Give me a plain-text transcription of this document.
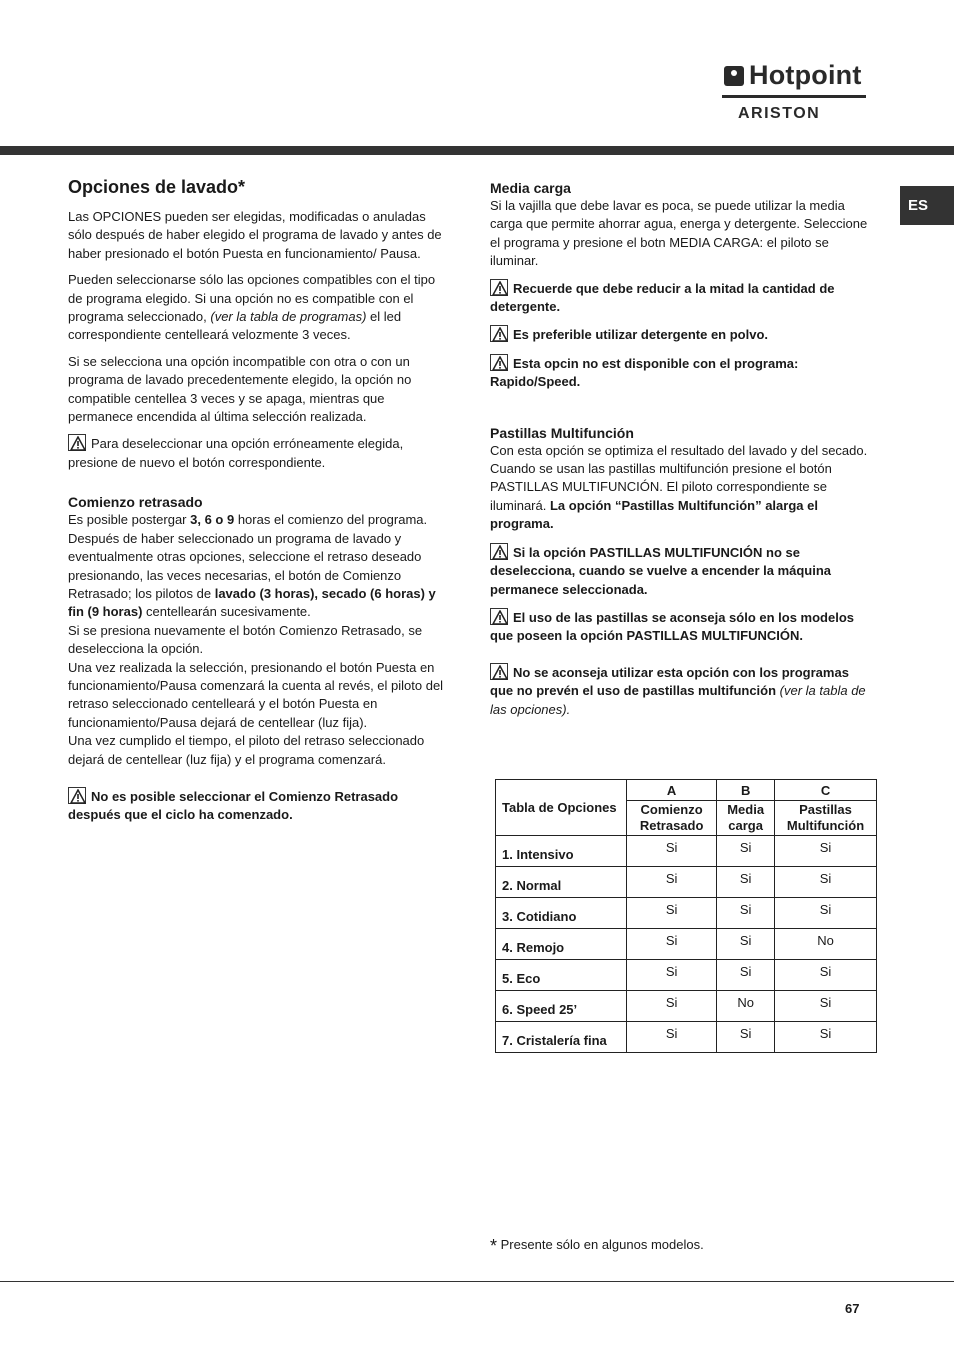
Hotpoint
ARISTON
ES
Opciones de lavado*

Las OPCIONES pueden ser elegidas, modificadas o anuladas sólo después de haber elegido el programa de lavado y antes de haber presionado el botón Puesta en funcionamiento/ Pausa.

Pueden seleccionarse sólo las opciones compatibles con el tipo de programa elegido. Si una opción no es compatible con el programa seleccionado, (ver la tabla de programas) el led correspondiente centelleará velozmente 3 veces.

Si se selecciona una opción incompatible con otra o con un programa de lavado precedentemente elegido, la opción no compatible centellea 3 veces y se apaga, mientras que permanece encendida al última selección realizada.

Para deseleccionar una opción erróneamente elegida, presione de nuevo el botón correspondiente.

Comienzo retrasado

Es posible postergar 3, 6 o 9 horas el comienzo del programa.

Después de haber seleccionado un programa de lavado y eventualmente otras opciones, seleccione el retraso deseado presionando, las veces necesarias, el botón de Comienzo Retrasado; los pilotos de lavado (3 horas), secado (6 horas) y fin (9 horas) centellearán sucesivamente.

Si se presiona nuevamente el botón Comienzo Retrasado, se deselecciona la opción.

Una vez realizada la selección, presionando el botón Puesta en funcionamiento/Pausa comenzará la cuenta al revés, el piloto del retraso seleccionado centelleará y el botón Puesta en funcionamiento/Pausa dejará de centellear (luz fija).

Una vez cumplido el tiempo, el piloto del retraso seleccionado dejará de centellear (luz fija) y el programa comenzará.

No es posible seleccionar el Comienzo Retrasado después que el ciclo ha comenzado.

Media carga

Si la vajilla que debe lavar es poca, se puede utilizar la media carga que permite ahorrar agua, energa y detergente. Seleccione el programa y presione el botn MEDIA CARGA: el piloto se iluminar.

Recuerde que debe reducir a la mitad la cantidad de detergente.

Es preferible utilizar detergente en polvo.

Esta opcin no est disponible con el programa: Rapido/Speed.

Pastillas Multifunción

Con esta opción se optimiza el resultado del lavado y del secado.

Cuando se usan las pastillas multifunción presione el botón PASTILLAS MULTIFUNCIÓN. El piloto correspondiente se iluminará. La opción “Pastillas Multifunción” alarga el programa.

Si la opción PASTILLAS MULTIFUNCIÓN no se deselecciona, cuando se vuelve a encender la máquina permanece seleccionada.

El uso de las pastillas se aconseja sólo en los modelos que poseen la opción PASTILLAS MULTIFUNCIÓN.

No se aconseja utilizar esta opción con los programas que no prevén el uso de pastillas multifunción (ver la tabla de las opciones).

Tabla de Opciones	A	B	C
	Comienzo Retrasado	Media carga	Pastillas Multifunción
1. Intensivo	Si	Si	Si
2. Normal	Si	Si	Si
3. Cotidiano	Si	Si	Si
4. Remojo	Si	Si	No
5. Eco	Si	Si	Si
6. Speed 25’	Si	No	Si
7. Cristalería fina	Si	Si	Si
* Presente sólo en algunos modelos.
67
